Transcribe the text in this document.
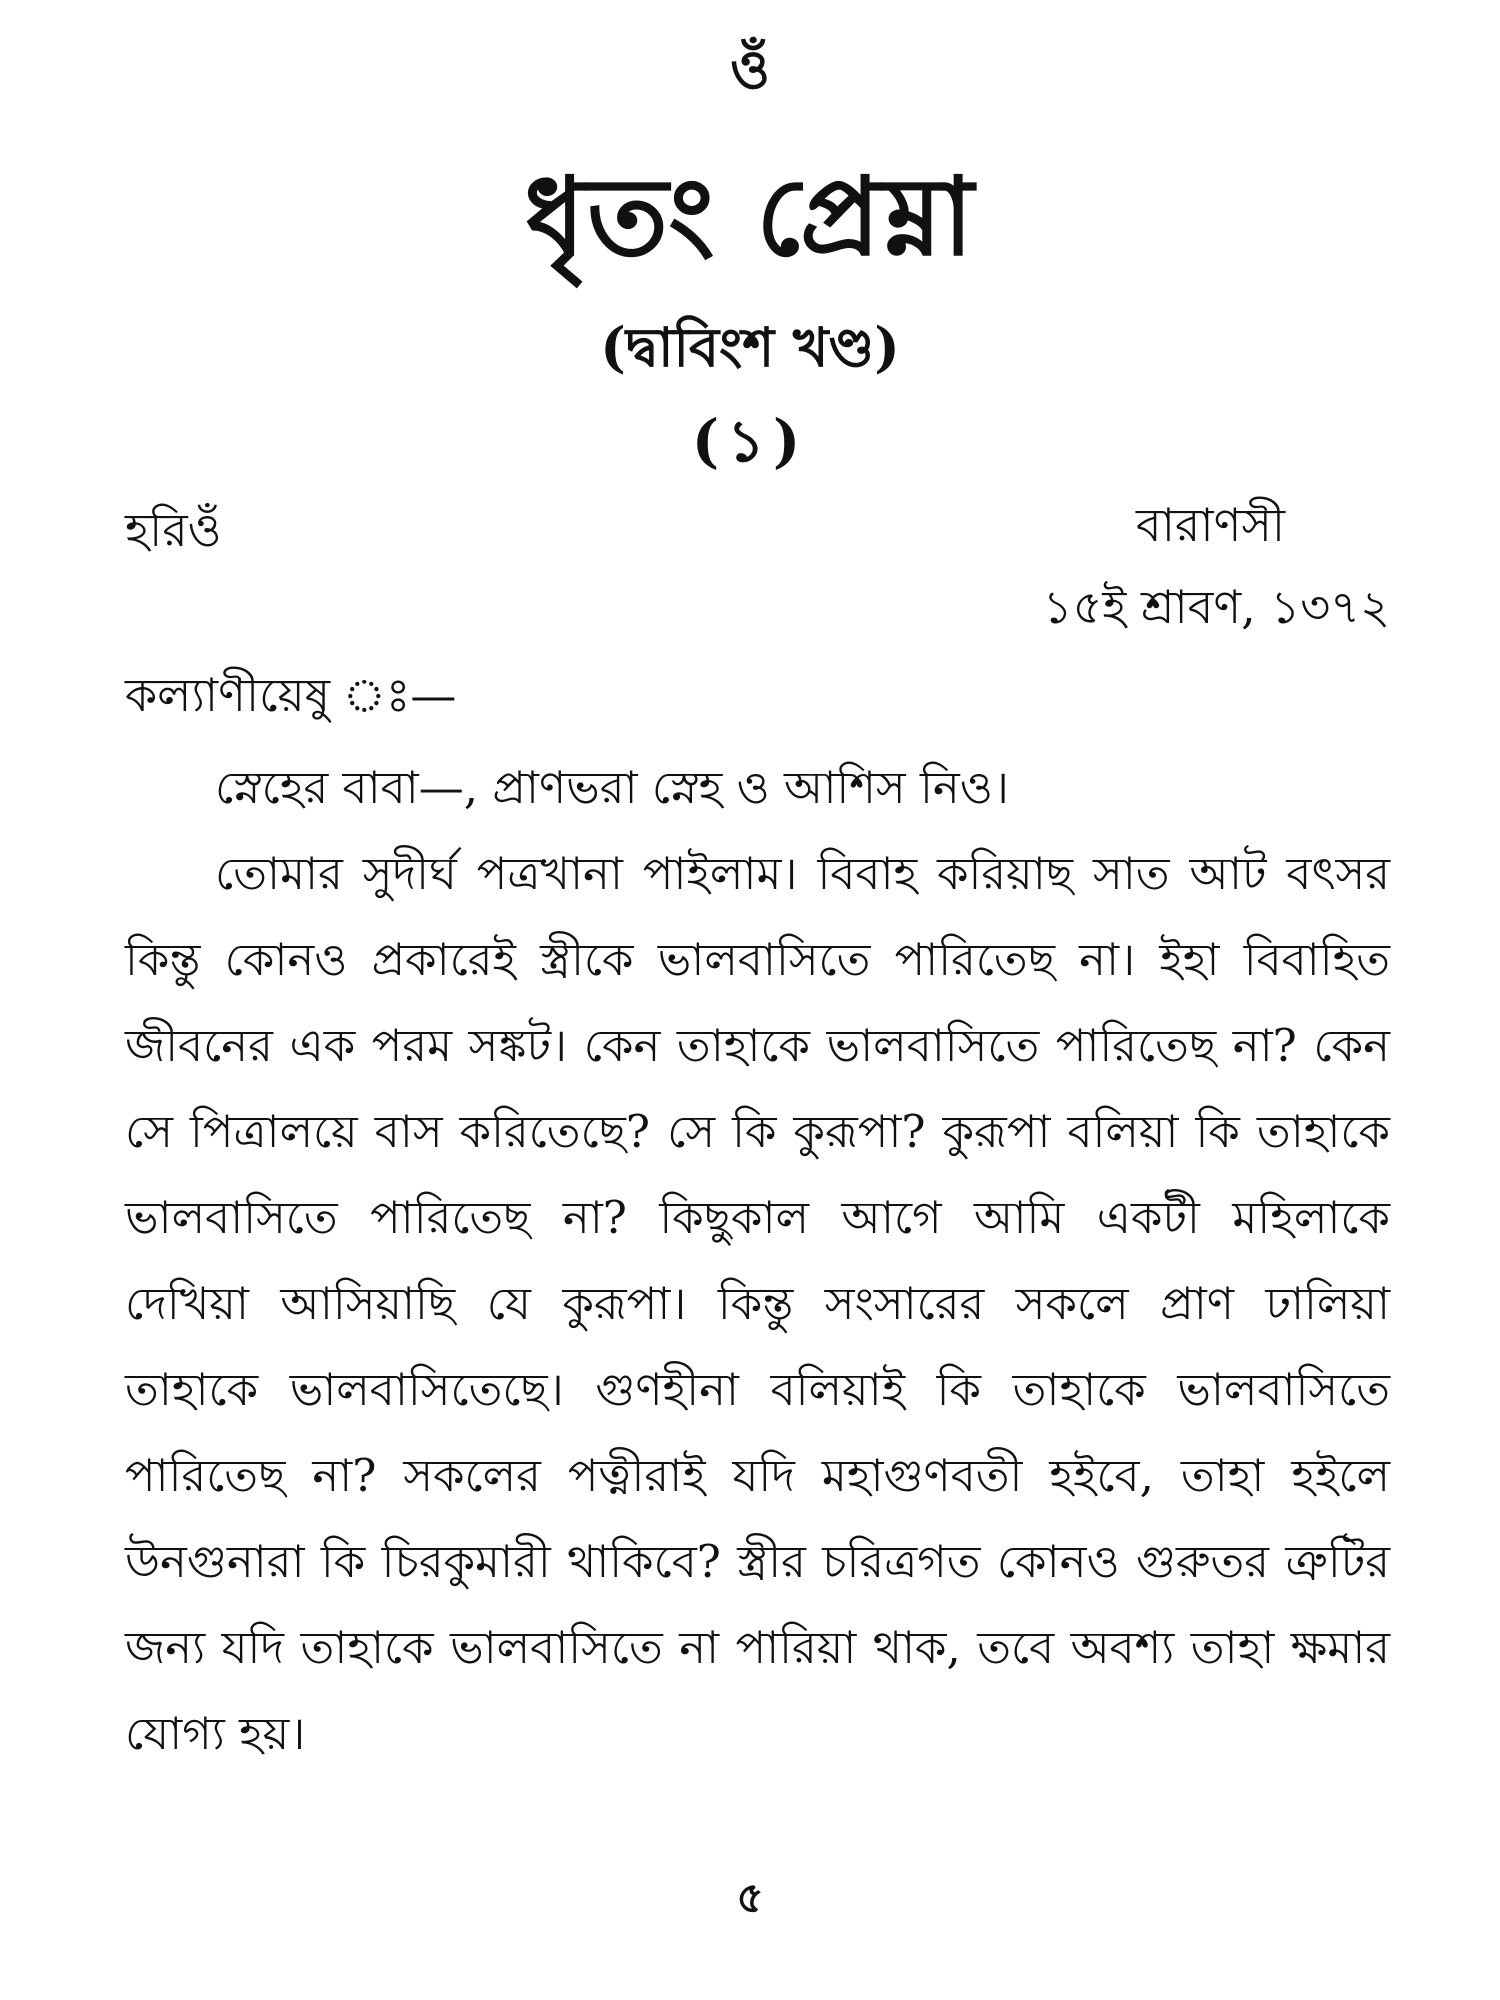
ওঁ
ধৃতং প্রেম্না
(দ্বাবিংশ খণ্ড)
(১)
হরিওঁ	বারাণসী
১৫ই শ্রাবণ, ১৩৭২
কল্যাণীয়েষু ঃ—

স্নেহের বাবা—, প্রাণভরা স্নেহ ও আশিস নিও।

তোমার সুদীর্ঘ পত্রখানা পাইলাম। বিবাহ করিয়াছ সাত আট বৎসর কিন্তু কোনও প্রকারেই স্ত্রীকে ভালবাসিতে পারিতেছ না। ইহা বিবাহিত জীবনের এক পরম সঙ্কট। কেন তাহাকে ভালবাসিতে পারিতেছ না? কেন সে পিত্রালয়ে বাস করিতেছে? সে কি কুরূপা? কুরূপা বলিয়া কি তাহাকে ভালবাসিতে পারিতেছ না? কিছুকাল আগে আমি একটী মহিলাকে দেখিয়া আসিয়াছি যে কুরূপা। কিন্তু সংসারের সকলে প্রাণ ঢালিয়া তাহাকে ভালবাসিতেছে। গুণহীনা বলিয়াই কি তাহাকে ভালবাসিতে পারিতেছ না? সকলের পত্নীরাই যদি মহাগুণবতী হইবে, তাহা হইলে উনগুনারা কি চিরকুমারী থাকিবে? স্ত্রীর চরিত্রগত কোনও গুরুতর ত্রুটির জন্য যদি তাহাকে ভালবাসিতে না পারিয়া থাক, তবে অবশ্য তাহা ক্ষমার যোগ্য হয়।

৫
